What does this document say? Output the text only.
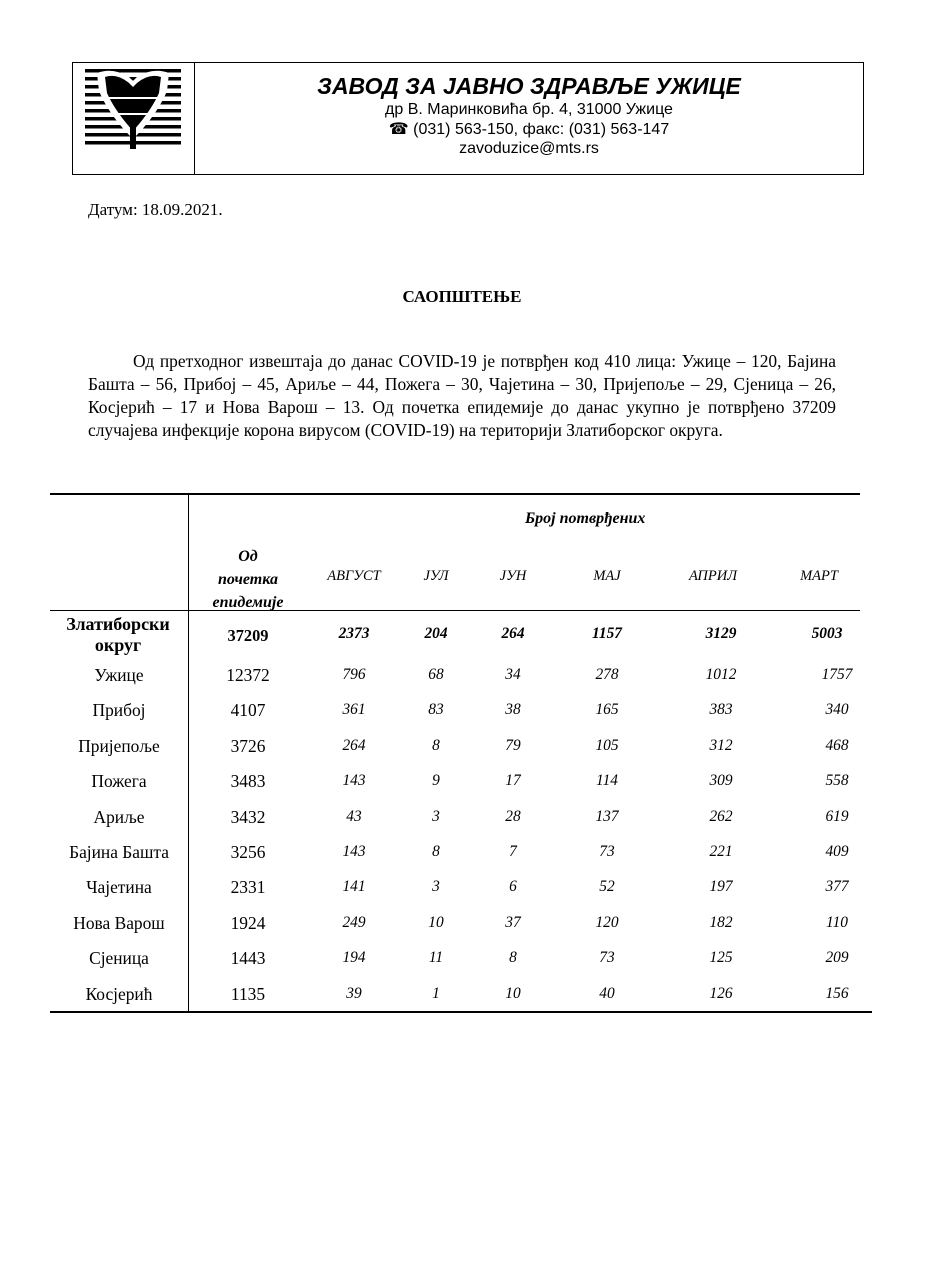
ЗАВОД ЗА ЈАВНО ЗДРАВЉЕ УЖИЦЕ
др В. Маринковића бр. 4, 31000 Ужице
☎ (031) 563-150, факс: (031) 563-147
zavoduzice@mts.rs
Датум: 18.09.2021.
САОПШТЕЊЕ

Од претходног извештаја до данас COVID-19 је потврђен код 410 лица: Ужице – 120, Бајина Башта – 56, Прибој – 45, Ариље – 44, Пожега – 30, Чајетина – 30, Пријепоље – 29, Сјеница – 26, Косјерић – 17 и Нова Варош – 13. Од почетка епидемије до данас укупно је потврђено 37209 случајева инфекције корона вирусом (COVID-19) на територији Златиборског округа.

Број потврђених
Од
почетка
епидемије
АВГУСТ	ЈУЛ	ЈУН	МАЈ	АПРИЛ	МАРТ
Златиборски
округ	37209	2373	204	264	1157	3129	5003
Ужице	12372	796	68	34	278	1012	1757
Прибој	4107	361	83	38	165	383	340
Пријепоље	3726	264	8	79	105	312	468
Пожега	3483	143	9	17	114	309	558
Ариље	3432	43	3	28	137	262	619
Бајина Башта	3256	143	8	7	73	221	409
Чајетина	2331	141	3	6	52	197	377
Нова Варош	1924	249	10	37	120	182	110
Сјеница	1443	194	11	8	73	125	209
Косјерић	1135	39	1	10	40	126	156
